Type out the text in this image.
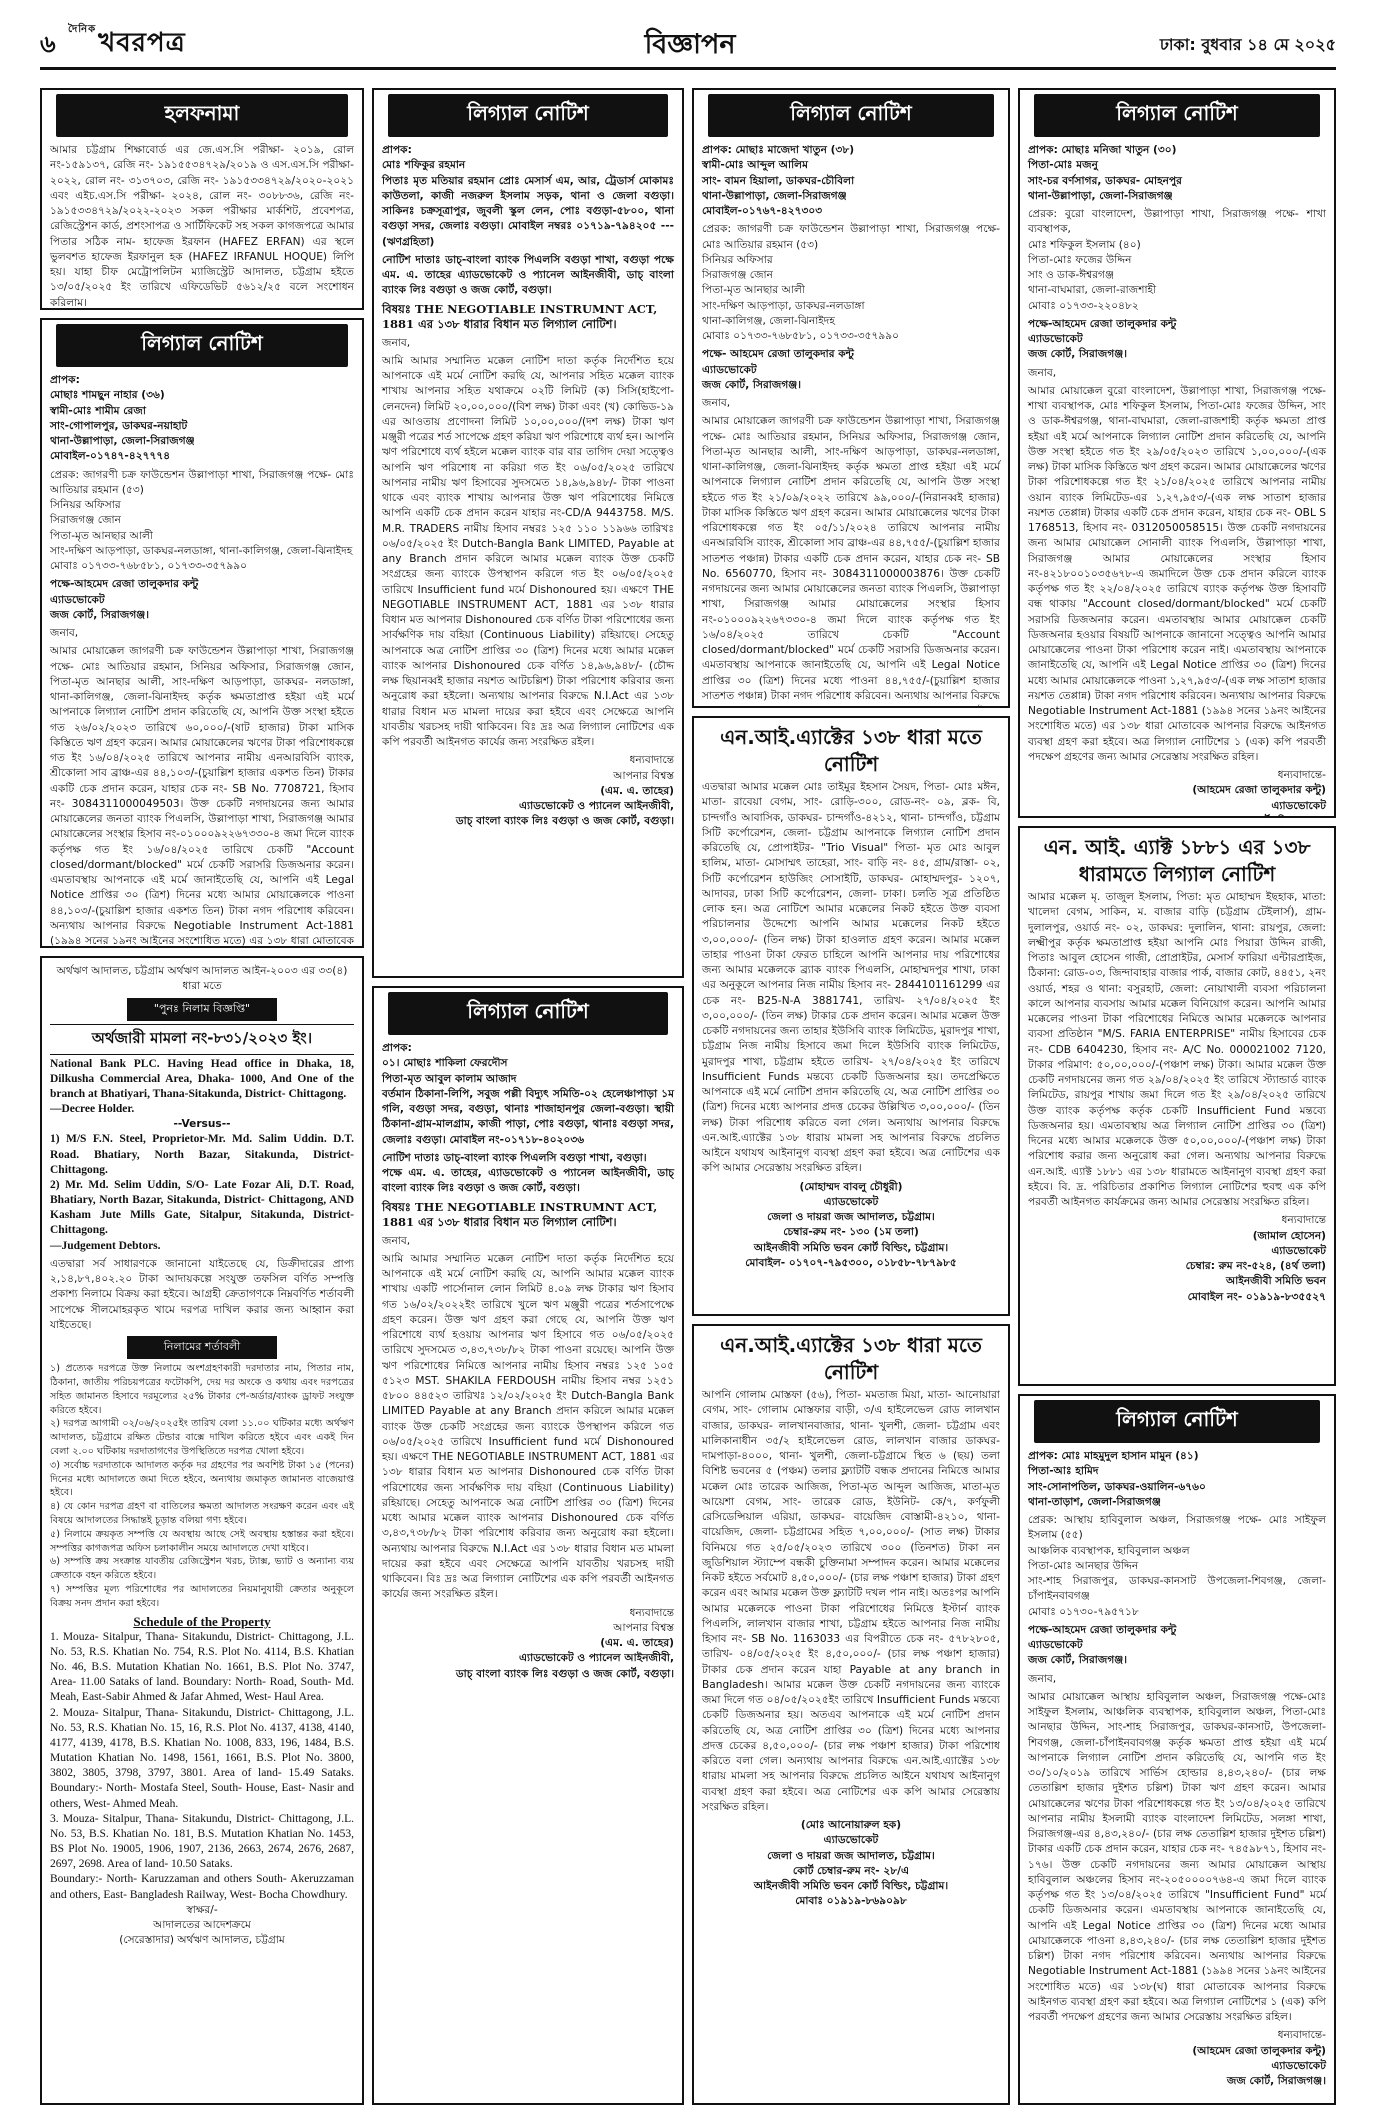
৬
$^{দৈনিক}$খবরপত্র	বিজ্ঞাপন	ঢাকা: বুধবার ১৪ মে ২০২৫
হলফনামা
আমার চট্টগ্রাম শিক্ষাবোর্ড এর জে.এস.সি পরীক্ষা- ২০১৯, রোল নং-১৫৯১৩৭, রেজি নং- ১৯১৫৫৩৪৭২৯/২০১৯ ও এস.এস.সি পরীক্ষা- ২০২২, রোল নং- ৩১৩৭০৩, রেজি নং- ১৯১৫৩৩৪৭২৯/২০২০-২০২১ এবং এইচ.এস.সি পরীক্ষা- ২০২৪, রোল নং- ৩০৮৮৩৬, রেজি নং- ১৯১৫৩৩৪৭২৯/২০২২-২০২৩ সকল পরীক্ষার মার্কশিট, প্রবেশপত্র, রেজিস্ট্রেশন কার্ড, প্রশংসাপত্র ও সার্টিফিকেট সহ সকল কাগজপত্রে আমার পিতার সঠিক নাম- হাফেজ ইরফান (HAFEZ ERFAN) এর স্থলে ভুলবশত হাফেজ ইরফানুল হক (HAFEZ IRFANUL HOQUE) লিপি হয়। যাহা চীফ মেট্রোপলিটন ম্যাজিস্ট্রেট আদালত, চট্টগ্রাম হইতে ১৩/০৫/২০২৫ ইং তারিখে এফিডেভিট ৫৬১২/২৫ বলে সংশোধন করিলাম।
লিগ্যাল নোটিশ
প্রাপক:
মোছাঃ শামছুন নাহার (৩৬)
স্বামী-মোঃ শামীম রেজা
সাং-গোপালপুর, ডাকঘর-নয়াহাট
থানা-উল্লাপাড়া, জেলা-সিরাজগঞ্জ
মোবাইল-০১৭৪৭-৪২৭৭৭৪
প্রেরক: জাগরণী চক্র ফাউন্ডেশন উল্লাপাড়া শাখা, সিরাজগঞ্জ পক্ষে- মোঃ আতিয়ার রহমান (৫৩)
সিনিয়র অফিসার
সিরাজগঞ্জ জোন
পিতা-মৃত আনছার আলী
সাং-দক্ষিণ আড়পাড়া, ডাকঘর-নলডাঙ্গা, থানা-কালিগঞ্জ, জেলা-ঝিনাইদহ
মোবাঃ ০১৭৩৩-৭৬৮৫৮১, ০১৭৩৩-৩৫৭৯৯০
পক্ষে-আহমেদ রেজা তালুকদার কন্টু
এ্যাডভোকেট
জজ কোর্ট, সিরাজগঞ্জ।
জনাব,
আমার মোয়াক্কেল জাগরণী চক্র ফাউন্ডেশন উল্লাপাড়া শাখা, সিরাজগঞ্জ পক্ষে- মোঃ আতিয়ার রহমান, সিনিয়র অফিসার, সিরাজগঞ্জ জোন, পিতা-মৃত আনছার আলী, সাং-দক্ষিণ আড়পাড়া, ডাকঘর- নলডাঙ্গা, থানা-কালিগঞ্জ, জেলা-ঝিনাইদহ কর্তৃক ক্ষমতাপ্রাপ্ত হইয়া এই মর্মে আপনাকে লিগ্যাল নোটিশ প্রদান করিতেছি যে, আপনি উক্ত সংস্থা হইতে গত ২৬/০২/২০২৩ তারিখে ৬০,০০০/-(ষাট হাজার) টাকা মাসিক কিস্তিতে ঋণ গ্রহণ করেন। আমার মোয়াক্কেলের ঋণের টাকা পরিশোধকল্পে গত ইং ১৬/০৪/২০২৫ তারিখে আপনার নামীয় এনআরবিসি ব্যাংক, শ্রীকোলা সাব ব্রাঞ্চ-এর ৪৪,১০৩/-(চুয়াল্লিশ হাজার একশত তিন) টাকার একটি চেক প্রদান করেন, যাহার চেক নং- SB No. 7708721, হিসাব নং- 3084311000049503। উক্ত চেকটি নগদায়নের জন্য আমার মোয়াক্কেলের জনতা ব্যাংক পিএলসি, উল্লাপাড়া শাখা, সিরাজগঞ্জ আমার মোয়াক্কেলের সংস্থার হিসাব নং-০১০০০৯২২৬৭৩৩০-৪ জমা দিলে ব্যাংক কর্তৃপক্ষ গত ইং ১৬/০৪/২০২৫ তারিখে চেকটি "Account closed/dormant/blocked" মর্মে চেকটি সরাসরি ডিজঅনার করেন। এমতাবস্থায় আপনাকে এই মর্মে জানাইতেছি যে, আপনি এই Legal Notice প্রাপ্তির ৩০ (ত্রিশ) দিনের মধ্যে আমার মোয়াক্কেলকে পাওনা ৪৪,১০৩/-(চুয়াল্লিশ হাজার একশত তিন) টাকা নগদ পরিশোধ করিবেন। অন্যথায় আপনার বিরুদ্ধে Negotiable Instrument Act-1881 (১৯৯৪ সনের ১৯নং আইনের সংশোধিত মতে) এর ১৩৮ ধারা মোতাবেক
অর্থঋণ আদালত, চট্টগ্রাম অর্থঋণ আদালত আইন-২০০৩ এর ৩৩(৪) ধারা মতে
"পুনঃ নিলাম বিজ্ঞপ্তি"
অর্থজারী মামলা নং-৮৩১/২০২৩ ইং।
National Bank PLC. Having Head office in Dhaka, 18, Dilkusha Commercial Area, Dhaka- 1000, And One of the branch at Bhatiyari, Thana-Sitakunda, District- Chittagong.
—Decree Holder.
--Versus--
1) M/S F.N. Steel, Proprietor-Mr. Md. Salim Uddin. D.T. Road. Bhatiary, North Bazar, Sitakunda, District- Chittagong.
2) Mr. Md. Selim Uddin, S/O- Late Fozar Ali, D.T. Road, Bhatiary, North Bazar, Sitakunda, District- Chittagong, AND Kasham Jute Mills Gate, Sitalpur, Sitakunda, District- Chittagong.
—Judgement Debtors.
এতদ্বারা সর্ব সাধারণকে জানানো যাইতেছে যে, ডিক্রীদারের প্রাপ্য ২,১৪,৮৭,৪০২.২০ টাকা আদায়কল্পে সংযুক্ত তফসিল বর্ণিত সম্পত্তি প্রকাশ্য নিলামে বিক্রয় করা হইবে। আগ্রহী ক্রেতাগণকে নিম্নবর্ণিত শর্তাবলী সাপেক্ষে সীলমোহরকৃত খামে দরপত্র দাখিল করার জন্য আহ্বান করা যাইতেছে।
নিলামের শর্তাবলী
১) প্রত্যেক দরপত্রে উক্ত নিলামে অংশগ্রহণকারী দরদাতার নাম, পিতার নাম, ঠিকানা, জাতীয় পরিচয়পত্রের ফটোকপি, দেয় দর অংকে ও কথায় এবং দরপত্রের সহিত জামানত হিসাবে দরমূল্যের ২৫% টাকার পে-অর্ডার/ব্যাংক ড্রাফট সংযুক্ত করিতে হইবে।
২) দরপত্র আগামী ০২/০৬/২০২৫ইং তারিখ বেলা ১১.০০ ঘটিকার মধ্যে অর্থঋণ আদালত, চট্টগ্রামে রক্ষিত টেন্ডার বাক্সে দাখিল করিতে হইবে এবং একই দিন বেলা ২.০০ ঘটিকায় দরদাতাগণের উপস্থিতিতে দরপত্র খোলা হইবে।
৩) সর্বোচ্চ দরদাতাকে আদালত কর্তৃক দর গ্রহণের পর অবশিষ্ট টাকা ১৫ (পনের) দিনের মধ্যে আদালতে জমা দিতে হইবে, অন্যথায় জমাকৃত জামানত বাজেয়াপ্ত হইবে।
৪) যে কোন দরপত্র গ্রহণ বা বাতিলের ক্ষমতা আদালত সংরক্ষণ করেন এবং এই বিষয়ে আদালতের সিদ্ধান্তই চূড়ান্ত বলিয়া গণ্য হইবে।
৫) নিলামে ক্রয়কৃত সম্পত্তি যে অবস্থায় আছে সেই অবস্থায় হস্তান্তর করা হইবে। সম্পত্তির কাগজপত্র অফিস চলাকালীন সময়ে আদালতে দেখা যাইবে।
৬) সম্পত্তি ক্রয় সংক্রান্ত যাবতীয় রেজিস্ট্রেশন খরচ, ট্যাক্স, ভ্যাট ও অন্যান্য ব্যয় ক্রেতাকে বহন করিতে হইবে।
৭) সম্পত্তির মূল্য পরিশোধের পর আদালতের নিয়মানুযায়ী ক্রেতার অনুকূলে বিক্রয় সনদ প্রদান করা হইবে।
Schedule of the Property
1. Mouza- Sitalpur, Thana- Sitakundu, District- Chittagong, J.L. No. 53, R.S. Khatian No. 754, R.S. Plot No. 4114, B.S. Khatian No. 46, B.S. Mutation Khatian No. 1661, B.S. Plot No. 3747, Area- 11.00 Sataks of land. Boundary: North- Road, South- Md. Meah, East-Sabir Ahmed & Jafar Ahmed, West- Haul Area.
2. Mouza- Sitalpur, Thana- Sitakundu, District- Chittagong, J.L. No. 53, R.S. Khatian No. 15, 16, R.S. Plot No. 4137, 4138, 4140, 4177, 4139, 4178, B.S. Khatian No. 1008, 833, 196, 1484, B.S. Mutation Khatian No. 1498, 1561, 1661, B.S. Plot No. 3800, 3802, 3805, 3798, 3797, 3801. Area of land- 15.49 Sataks. Boundary:- North- Mostafa Steel, South- House, East- Nasir and others, West- Ahmed Meah.
3. Mouza- Sitalpur, Thana- Sitakundu, District- Chittagong, J.L. No. 53, B.S. Khatian No. 181, B.S. Mutation Khatian No. 1453, BS Plot No. 19005, 1906, 1907, 2136, 2663, 2674, 2676, 2687, 2697, 2698. Area of land- 10.50 Sataks.
Boundary:- North- Karuzzaman and others South- Akeruzzaman and others, East- Bangladesh Railway, West- Bocha Chowdhury.
স্বাক্ষর/-
আদালতের আদেশক্রমে
(সেরেস্তাদার) অর্থঋণ আদালত, চট্টগ্রাম
লিগ্যাল নোটিশ
প্রাপক:
মোঃ শফিকুর রহমান
পিতাঃ মৃত মতিয়ার রহমান প্রোঃ মেসার্স এম, আর, ট্রেডার্স মোকামঃ কাউতলা, কাজী নজরুল ইসলাম সড়ক, থানা ও জেলা বগুড়া। সাকিনঃ চক্রসূত্রাপুর, জুবলী স্কুল লেন, পোঃ বগুড়া-৫৮০০, থানা বগুড়া সদর, জেলাঃ বগুড়া। মোবাইল নম্বরঃ ০১৭১৯-৭৯৪২০৫ --- (ঋণগ্রহিতা)
নোটিশ দাতাঃ ডাচ্-বাংলা ব্যাংক পিএলসি বগুড়া শাখা, বগুড়া পক্ষে এম. এ. তাহের এ্যাডভোকেট ও প্যানেল আইনজীবী, ডাচ্ বাংলা ব্যাংক লিঃ বগুড়া ও জজ কোর্ট, বগুড়া।
বিষয়ঃ THE NEGOTIABLE INSTRUMNT ACT, 1881 এর ১৩৮ ধারার বিধান মত লিগ্যাল নোটিশ।
জনাব,
আমি আমার সম্মানিত মক্কেল নোটিশ দাতা কর্তৃক নির্দেশিত হয়ে আপনাকে এই মর্মে নোটিশ করছি যে, আপনার সহিত মক্কেল ব্যাংক শাখায় আপনার সহিত যথাক্রমে ০২টি লিমিট (ক) সিসি(হাইপো-লেনদেন) লিমিট ২০,০০,০০০/(বিশ লক্ষ) টাকা এবং (খ) কোভিড-১৯ এর আওতায় প্রণোদনা লিমিট ১০,০০,০০০/(দশ লক্ষ) টাকা ঋণ মঞ্জুরী পত্রের শর্ত সাপেক্ষে গ্রহণ করিয়া ঋণ পরিশোধে ব্যর্থ হন। আপনি ঋণ পরিশোধে ব্যর্থ হইলে মক্কেল ব্যাংক বার বার তাগিদ দেয়া সত্ত্বেও আপনি ঋণ পরিশোধ না করিয়া গত ইং ০৬/০৫/২০২৫ তারিখে আপনার নামীয় ঋণ হিসাবের সুদসমেত ১৪,৯৬,৯৪৮/- টাকা পাওনা থাকে এবং ব্যাংক শাখায় আপনার উক্ত ঋণ পরিশোধের নিমিত্তে আপনি একটি চেক প্রদান করেন যাহার নং-CD/A 9443758. M/S. M.R. TRADERS নামীয় হিসাব নম্বরঃ ১২৫ ১১০ ১১৯৬৬ তারিখঃ ০৬/০৫/২০২৫ ইং Dutch-Bangla Bank LIMITED, Payable at any Branch প্রদান করিলে আমার মক্কেল ব্যাংক উক্ত চেকটি সংগ্রহের জন্য ব্যাংকে উপস্থাপন করিলে গত ইং ০৬/০৫/২০২৫ তারিখে Insufficient fund মর্মে Dishonoured হয়। এক্ষণে THE NEGOTIABLE INSTRUMENT ACT, 1881 এর ১৩৮ ধারার বিধান মত আপনার Dishonoured চেক বর্ণিত টাকা পরিশোধের জন্য সার্বক্ষণিক দায় বহিয়া (Continuous Liability) রহিয়াছে। সেহেতু আপনাকে অত্র নোটিশ প্রাপ্তির ৩০ (ত্রিশ) দিনের মধ্যে আমার মক্কেল ব্যাংক আপনার Dishonoured চেক বর্ণিত ১৪,৯৬,৯৪৮/- (চৌদ্দ লক্ষ ছিয়ানব্বই হাজার নয়শত আটচল্লিশ) টাকা পরিশোধ করিবার জন্য অনুরোধ করা হইলো। অন্যথায় আপনার বিরুদ্ধে N.I.Act এর ১৩৮ ধারার বিধান মত মামলা দায়ের করা হইবে এবং সেক্ষেত্রে আপনি যাবতীয় খরচসহ দায়ী থাকিবেন। বিঃ দ্রঃ অত্র লিগ্যাল নোটিশের এক কপি পরবর্তী আইনগত কার্যের জন্য সংরক্ষিত রইল।
ধন্যবাদান্তে
আপনার বিশ্বস্ত
(এম. এ. তাহের)
এ্যাডভোকেট ও প্যানেল আইনজীবী,
ডাচ্ বাংলা ব্যাংক লিঃ বগুড়া ও জজ কোর্ট, বগুড়া।
লিগ্যাল নোটিশ
প্রাপক:
০১। মোছাঃ শাকিলা ফেরদৌস
পিতা-মৃত আবুল কালাম আজাদ
বর্তমান ঠিকানা-লিপি, সবুজ পল্লী বিদ্যুৎ সমিতি-০২ হেলেঞ্চাপাড়া ১ম গলি, বগুড়া সদর, বগুড়া, থানাঃ শাজাহানপুর জেলা-বগুড়া। স্থায়ী ঠিকানা-গ্রাম-মালগ্রাম, কাজী পাড়া, পোঃ বগুড়া, থানাঃ বগুড়া সদর, জেলাঃ বগুড়া। মোবাইল নং-০১৭১৮-৪০২০৩৬
নোটিশ দাতাঃ ডাচ্-বাংলা ব্যাংক পিএলসি বগুড়া শাখা, বগুড়া।
পক্ষে এম. এ. তাহের, এ্যাডভোকেট ও প্যানেল আইনজীবী, ডাচ্ বাংলা ব্যাংক লিঃ বগুড়া ও জজ কোর্ট, বগুড়া।
বিষয়ঃ THE NEGOTIABLE INSTRUMNT ACT, 1881 এর ১৩৮ ধারার বিধান মত লিগ্যাল নোটিশ।
জনাব,
আমি আমার সম্মানিত মক্কেল নোটিশ দাতা কর্তৃক নির্দেশিত হয়ে আপনাকে এই মর্মে নোটিশ করছি যে, আপনি আমার মক্কেল ব্যাংক শাখায় একটি পার্সোনাল লোন লিমিট ৪.০৯ লক্ষ টাকার ঋণ হিসাব গত ১৬/০২/২০২২ইং তারিখে খুলে ঋণ মঞ্জুরী পত্রের শর্তসাপেক্ষে গ্রহণ করেন। উক্ত ঋণ গ্রহণ করা গেছে যে, আপনি উক্ত ঋণ পরিশোধে ব্যর্থ হওয়ায় আপনার ঋণ হিসাবে গত ০৬/০৫/২০২৫ তারিখে সুদসমেত ৩,৪৩,৭৩৮/৮২ টাকা পাওনা রয়েছে। আপনি উক্ত ঋণ পরিশোধের নিমিত্তে আপনার নামীয় হিসাব নম্বরঃ ১২৫ ১০৫ ৫১২৩ MST. SHAKILA FERDOUSH নামীয় হিসাব নম্বর ১২৫১ ৫৮০০ ৪৪৫২৩ তারিখঃ ১২/০২/২০২৫ ইং Dutch-Bangla Bank LIMITED Payable at any Branch প্রদান করিলে আমার মক্কেল ব্যাংক উক্ত চেকটি সংগ্রহের জন্য ব্যাংকে উপস্থাপন করিলে গত ০৬/০৫/২০২৫ তারিখে Insufficient fund মর্মে Dishonoured হয়। এক্ষণে THE NEGOTIABLE INSTRUMENT ACT, 1881 এর ১৩৮ ধারার বিধান মত আপনার Dishonoured চেক বর্ণিত টাকা পরিশোধের জন্য সার্বক্ষণিক দায় বহিয়া (Continuous Liability) রহিয়াছে। সেহেতু আপনাকে অত্র নোটিশ প্রাপ্তির ৩০ (ত্রিশ) দিনের মধ্যে আমার মক্কেল ব্যাংক আপনার Dishonoured চেক বর্ণিত ৩,৪৩,৭৩৮/৮২ টাকা পরিশোধ করিবার জন্য অনুরোধ করা হইলো। অন্যথায় আপনার বিরুদ্ধে N.I.Act এর ১৩৮ ধারার বিধান মত মামলা দায়ের করা হইবে এবং সেক্ষেত্রে আপনি যাবতীয় খরচসহ দায়ী থাকিবেন। বিঃ দ্রঃ অত্র লিগ্যাল নোটিশের এক কপি পরবর্তী আইনগত কার্যের জন্য সংরক্ষিত রইল।
ধন্যবাদান্তে
আপনার বিশ্বস্ত
(এম. এ. তাহের)
এ্যাডভোকেট ও প্যানেল আইনজীবী,
ডাচ্ বাংলা ব্যাংক লিঃ বগুড়া ও জজ কোর্ট, বগুড়া।
লিগ্যাল নোটিশ
প্রাপক: মোছাঃ মাজেদা খাতুন (৩৮)
স্বামী-মোঃ আব্দুল আলিম
সাং- বামন হিয়ালা, ডাকঘর-চৌবিলা
থানা-উল্লাপাড়া, জেলা-সিরাজগঞ্জ
মোবাইল-০১৭৬৭-৪২৭৩০৩
প্রেরক: জাগরণী চক্র ফাউন্ডেশন উল্লাপাড়া শাখা, সিরাজগঞ্জ পক্ষে- মোঃ আতিয়ার রহমান (৫৩)
সিনিয়র অফিসার
সিরাজগঞ্জ জোন
পিতা-মৃত আনছার আলী
সাং-দক্ষিণ আড়পাড়া, ডাকঘর-নলডাঙ্গা
থানা-কালিগঞ্জ, জেলা-ঝিনাইদহ
মোবাঃ ০১৭৩৩-৭৬৮৫৮১, ০১৭৩৩-৩৫৭৯৯০
পক্ষে- আহমেদ রেজা তালুকদার কন্টু
এ্যাডভোকেট
জজ কোর্ট, সিরাজগঞ্জ।
জনাব,
আমার মোয়াক্কেল জাগরণী চক্র ফাউন্ডেশন উল্লাপাড়া শাখা, সিরাজগঞ্জ পক্ষে- মোঃ আতিয়ার রহমান, সিনিয়র অফিসার, সিরাজগঞ্জ জোন, পিতা-মৃত আনছার আলী, সাং-দক্ষিণ আড়পাড়া, ডাকঘর-নলডাঙ্গা, থানা-কালিগঞ্জ, জেলা-ঝিনাইদহ কর্তৃক ক্ষমতা প্রাপ্ত হইয়া এই মর্মে আপনাকে লিগ্যাল নোটিশ প্রদান করিতেছি যে, আপনি উক্ত সংস্থা হইতে গত ইং ২১/০৯/২০২২ তারিখে ৯৯,০০০/-(নিরানব্বই হাজার) টাকা মাসিক কিস্তিতে ঋণ গ্রহণ করেন। আমার মোয়াক্কেলের ঋণের টাকা পরিশোধকল্পে গত ইং ০৫/১১/২০২৪ তারিখে আপনার নামীয় এনআরবিসি ব্যাংক, শ্রীকোলা সাব ব্রাঞ্চ-এর ৪৪,৭৫৫/-(চুয়াল্লিশ হাজার সাতশত পঞ্চান্ন) টাকার একটি চেক প্রদান করেন, যাহার চেক নং- SB No. 6560770, হিসাব নং- 3084311000003876। উক্ত চেকটি নগদায়নের জন্য আমার মোয়াক্কেলের জনতা ব্যাংক পিএলসি, উল্লাপাড়া শাখা, সিরাজগঞ্জ আমার মোয়াক্কেলের সংস্থার হিসাব নং-০১০০০৯২২৬৭৩৩০-৪ জমা দিলে ব্যাংক কর্তৃপক্ষ গত ইং ১৬/০৪/২০২৫ তারিখে চেকটি "Account closed/dormant/blocked" মর্মে চেকটি সরাসরি ডিজঅনার করেন। এমতাবস্থায় আপনাকে জানাইতেছি যে, আপনি এই Legal Notice প্রাপ্তির ৩০ (ত্রিশ) দিনের মধ্যে পাওনা ৪৪,৭৫৫/-(চুয়াল্লিশ হাজার সাতশত পঞ্চান্ন) টাকা নগদ পরিশোধ করিবেন। অন্যথায় আপনার বিরুদ্ধে
এন.আই.এ্যাক্টের ১৩৮ ধারা মতে নোটিশ
এতদ্বারা আমার মক্কেল মোঃ তাইমুর ইহসান সৈয়দ, পিতা- মোঃ মঈন, মাতা- রাবেয়া বেগম, সাং- রোড়ি-৩০০, রোড-নং- ০৯, ব্লক- বি, চান্দগাঁও আবাসিক, ডাকঘর- চান্দগাঁও-৪২১২, থানা- চান্দগাঁও, চট্টগ্রাম সিটি কর্পোরেশন, জেলা- চট্টগ্রাম আপনাকে লিগ্যাল নোটিশ প্রদান করিতেছি যে, প্রোপাইটর- "Trio Visual" পিতা- মৃত মোঃ আবুল হালিম, মাতা- মোসাম্মৎ তাহেরা, সাং- বাড়ি নং- ৪৫, গ্রাম/রাস্তা- ০২, সিটি কর্পোরেশন হাউজিং সোসাইটি, ডাকঘর- মোহাম্মদপুর- ১২০৭, আদাবর, ঢাকা সিটি কর্পোরেশন, জেলা- ঢাকা। চলতি সূত্র প্রতিষ্ঠিত লোক হন। অত্র নোটিশে আমার মক্কেলের নিকট হইতে উক্ত ব্যবসা পরিচালনার উদ্দেশ্যে আপনি আমার মক্কেলের নিকট হইতে ৩,০০,০০০/- (তিন লক্ষ) টাকা হাওলাত গ্রহণ করেন। আমার মক্কেল তাহার পাওনা টাকা ফেরত চাহিলে আপনি আপনার দায় পরিশোধের জন্য আমার মক্কেলকে ব্র্যাক ব্যাংক পিএলসি, মোহাম্মদপুর শাখা, ঢাকা এর অনুকূলে আপনার নিজ নামীয় হিসাব নং- 2844101161299 এর চেক নং- B25-N-A 3881741, তারিখ- ২৭/০৪/২০২৫ ইং ৩,০০,০০০/- (তিন লক্ষ) টাকার চেক প্রদান করেন। আমার মক্কেল উক্ত চেকটি নগদায়নের জন্য তাহার ইউসিবি ব্যাংক লিমিটেড, মুরাদপুর শাখা, চট্টগ্রাম নিজ নামীয় হিসাবে জমা দিলে ইউসিবি ব্যাংক লিমিটেড, মুরাদপুর শাখা, চট্টগ্রাম হইতে তারিখ- ২৭/০৪/২০২৫ ইং তারিখে Insufficient Funds মন্তব্যে চেকটি ডিজঅনার হয়। তদপ্রেক্ষিতে আপনাকে এই মর্মে নোটিশ প্রদান করিতেছি যে, অত্র নোটিশ প্রাপ্তির ৩০ (ত্রিশ) দিনের মধ্যে আপনার প্রদত্ত চেকের উল্লিখিত ৩,০০,০০০/- (তিন লক্ষ) টাকা পরিশোধ করিতে বলা গেল। অন্যথায় আপনার বিরুদ্ধে এন.আই.এ্যাক্টের ১৩৮ ধারায় মামলা সহ আপনার বিরুদ্ধে প্রচলিত আইনে যথাযথ আইনানুগ ব্যবস্থা গ্রহণ করা হইবে। অত্র নোটিশের এক কপি আমার সেরেস্তায় সংরক্ষিত রহিল।
(মোহাম্মদ বাবলু চৌধুরী)
এ্যাডভোকেট
জেলা ও দায়রা জজ আদালত, চট্টগ্রাম।
চেম্বার-রুম নং- ১৩০ (১ম তলা)
আইনজীবী সমিতি ভবন কোর্ট বিল্ডিং, চট্টগ্রাম।
মোবাইল- ০১৭০৭-৭৯৫৩০০, ০১৮৫৮-৭৮৭৯৮৫
এন.আই.এ্যাক্টের ১৩৮ ধারা মতে নোটিশ
আপনি গোলাম মোস্তফা (৫৬), পিতা- মমতাজ মিয়া, মাতা- আনোয়ারা বেগম, সাং- গোলাম মোস্তফার বাড়ী, ৩/এ হাইলেভেল রোড লালখান বাজার, ডাকঘর- লালখানবাজার, থানা- খুলশী, জেলা- চট্টগ্রাম এবং মালিকানাধীন ৩৫/২ হাইলেভেল রোড, লালখান বাজার ডাকঘর-দামপাড়া-৪০০০, থানা- খুলশী, জেলা-চট্টগ্রামে স্থিত ৬ (ছয়) তলা বিশিষ্ট ভবনের ৫ (পঞ্চম) তলার ফ্ল্যাটটি বন্ধক প্রদানের নিমিত্তে আমার মক্কেল মোঃ তারেক আজিজ, পিতা-মৃত আব্দুল আজিজ, মাতা-মৃত আয়েশা বেগম, সাং- তারেক রোড, ইউনিট- কে/৭, কর্ণফুলী রেসিডেন্সিয়াল এরিয়া, ডাকঘর- বায়েজিদ বোস্তামী-৪২১০, থানা-বায়েজিদ, জেলা- চট্টগ্রামের সহিত ৭,০০,০০০/- (সাত লক্ষ) টাকার বিনিময়ে গত ২৫/০৫/২০২৩ তারিখে ৩০০ (তিনশত) টাকা নন জুডিশিয়াল স্ট্যাম্পে বন্ধকী চুক্তিনামা সম্পাদন করেন। আমার মক্কেলের নিকট হইতে সর্বমোট ৪,৫০,০০০/- (চার লক্ষ পঞ্চাশ হাজার) টাকা গ্রহণ করেন এবং আমার মক্কেল উক্ত ফ্ল্যাটটি দখল পান নাই। অতঃপর আপনি আমার মক্কেলকে পাওনা টাকা পরিশোধের নিমিত্তে ইস্টার্ন ব্যাংক পিএলসি, লালখান বাজার শাখা, চট্টগ্রাম হইতে আপনার নিজ নামীয় হিসাব নং- SB No. 1163033 এর বিপরীতে চেক নং- ৫৭৮২৮০৫, তারিখ- ০৪/০৫/২০২৫ ইং ৪,৫০,০০০/- (চার লক্ষ পঞ্চাশ হাজার) টাকার চেক প্রদান করেন যাহা Payable at any branch in Bangladesh। আমার মক্কেল উক্ত চেকটি নগদায়নের জন্য ব্যাংকে জমা দিলে গত ০৪/০৫/২০২৫ইং তারিখে Insufficient Funds মন্তব্যে চেকটি ডিজঅনার হয়। অতএব আপনাকে এই মর্মে নোটিশ প্রদান করিতেছি যে, অত্র নোটিশ প্রাপ্তির ৩০ (ত্রিশ) দিনের মধ্যে আপনার প্রদত্ত চেকের ৪,৫০,০০০/- (চার লক্ষ পঞ্চাশ হাজার) টাকা পরিশোধ করিতে বলা গেল। অন্যথায় আপনার বিরুদ্ধে এন.আই.এ্যাক্টের ১৩৮ ধারায় মামলা সহ আপনার বিরুদ্ধে প্রচলিত আইনে যথাযথ আইনানুগ ব্যবস্থা গ্রহণ করা হইবে। অত্র নোটিশের এক কপি আমার সেরেস্তায় সংরক্ষিত রহিল।
(মোঃ আনোয়ারুল হক)
এ্যাডভোকেট
জেলা ও দায়রা জজ আদালত, চট্টগ্রাম।
কোর্ট চেম্বার-রুম নং- ২৮/এ
আইনজীবী সমিতি ভবন কোর্ট বিল্ডিং, চট্টগ্রাম।
মোবাঃ ০১৯১৯-৮৬৯০৯৮
লিগ্যাল নোটিশ
প্রাপক: মোছাঃ মনিজা খাতুন (৩০)
পিতা-মোঃ মজনু
সাং-চর বর্ণসাগর, ডাকঘর- মোহনপুর
থানা-উল্লাপাড়া, জেলা-সিরাজগঞ্জ
প্রেরক: বুরো বাংলাদেশ, উল্লাপাড়া শাখা, সিরাজগঞ্জ পক্ষে- শাখা ব্যবস্থাপক,
মোঃ শফিকুল ইসলাম (৪০)
পিতা-মোঃ ফজের উদ্দিন
সাং ও ডাক-ঈশ্বরগঞ্জ
থানা-বাঘমারা, জেলা-রাজশাহী
মোবাঃ ০১৭৩৩-২২০৪৮২
পক্ষে-আহমেদ রেজা তালুকদার কন্টু
এ্যাডভোকেট
জজ কোর্ট, সিরাজগঞ্জ।
জনাব,
আমার মোয়াক্কেল বুরো বাংলাদেশ, উল্লাপাড়া শাখা, সিরাজগঞ্জ পক্ষে- শাখা ব্যবস্থাপক, মোঃ শফিকুল ইসলাম, পিতা-মোঃ ফজের উদ্দিন, সাং ও ডাক-ঈশ্বরগঞ্জ, থানা-বাঘমারা, জেলা-রাজশাহী কর্তৃক ক্ষমতা প্রাপ্ত হইয়া এই মর্মে আপনাকে লিগ্যাল নোটিশ প্রদান করিতেছি যে, আপনি উক্ত সংস্থা হইতে গত ইং ২৯/০৫/২০২৩ তারিখে ১,০০,০০০/-(এক লক্ষ) টাকা মাসিক কিস্তিতে ঋণ গ্রহণ করেন। আমার মোয়াক্কেলের ঋণের টাকা পরিশোধকল্পে গত ইং ২১/০৪/২০২৫ তারিখে আপনার নামীয় ওয়ান ব্যাংক লিমিটেড-এর ১,২৭,৯৫৩/-(এক লক্ষ সাতাশ হাজার নয়শত তেপ্পান্ন) টাকার একটি চেক প্রদান করেন, যাহার চেক নং- OBL S 1768513, হিসাব নং- 0312050058515। উক্ত চেকটি নগদায়নের জন্য আমার মোয়াক্কেল সোনালী ব্যাংক পিএলসি, উল্লাপাড়া শাখা, সিরাজগঞ্জ আমার মোয়াক্কেলের সংস্থার হিসাব নং-৪২১৮০০১০৩৫৬৭৮-এ জমাদিলে উক্ত চেক প্রদান করিলে ব্যাংক কর্তৃপক্ষ গত ইং ২২/০৪/২০২৫ তারিখে ব্যাংক কর্তৃপক্ষ উক্ত হিসাবটি বন্ধ থাকায় "Account closed/dormant/blocked" মর্মে চেকটি সরাসরি ডিজঅনার করেন। এমতাবস্থায় আমার মোয়াক্কেল চেকটি ডিজঅনার হওয়ার বিষয়টি আপনাকে জানানো সত্ত্বেও আপনি আমার মোয়াক্কেলের পাওনা টাকা পরিশোধ করেন নাই। এমতাবস্থায় আপনাকে জানাইতেছি যে, আপনি এই Legal Notice প্রাপ্তির ৩০ (ত্রিশ) দিনের মধ্যে আমার মোয়াক্কেলকে পাওনা ১,২৭,৯৫৩/-(এক লক্ষ সাতাশ হাজার নয়শত তেপ্পান্ন) টাকা নগদ পরিশোধ করিবেন। অন্যথায় আপনার বিরুদ্ধে Negotiable Instrument Act-1881 (১৯৯৪ সনের ১৯নং আইনের সংশোধিত মতে) এর ১৩৮ ধারা মোতাবেক আপনার বিরুদ্ধে আইনগত ব্যবস্থা গ্রহণ করা হইবে। অত্র লিগ্যাল নোটিশের ১ (এক) কপি পরবর্তী পদক্ষেপ গ্রহণের জন্য আমার সেরেস্তায় সংরক্ষিত রহিল।
ধন্যবাদান্তে-
(আহমেদ রেজা তালুকদার কন্টু)
এ্যাডভোকেট

এন. আই. এ্যাক্ট ১৮৮১ এর ১৩৮ ধারামতে লিগ্যাল নোটিশ
আমার মক্কেল মৃ. তাজুল ইসলাম, পিতা: মৃত মোহাম্মদ ইছহাক, মাতা: খালেদা বেগম, সাকিন, ম. বাজার বাড়ি (চট্টগ্রাম টেইলার্স), গ্রাম- দুলালপুর, ওয়ার্ড নং- ০২, ডাকঘর: দুলালিন, থানা: রায়পুর, জেলা: লক্ষ্মীপুর কর্তৃক ক্ষমতাপ্রাপ্ত হইয়া আপনি মোঃ পিয়ারা উদ্দিন রাজী, পিতাঃ আবুল হোসেন গাজী, প্রোপ্রাইটর, মেসার্স ফারিয়া এন্টারপ্রাইজ, ঠিকানা: রোড-০৩, জিন্দাবাহার বাজার পার্ক, বাজার কোট, ৪৪৫১, ২নং ওয়ার্ড, শহর ও থানা: বসুরহাট, জেলা: নোয়াখালী ব্যবসা পরিচালনা কালে আপনার ব্যবসায় আমার মক্কেল বিনিয়োগ করেন। আপনি আমার মক্কেলের পাওনা টাকা পরিশোধের নিমিত্তে আমার মক্কেলকে আপনার ব্যবসা প্রতিষ্ঠান "M/S. FARIA ENTERPRISE" নামীয় হিসাবের চেক নং- CDB 6404230, হিসাব নং- A/C No. 000021002 7120, টাকার পরিমাণ: ৫০,০০,০০০/-(পঞ্চাশ লক্ষ) টাকা। আমার মক্কেল উক্ত চেকটি নগদায়নের জন্য গত ২৯/০৪/২০২৫ ইং তারিখে স্ট্যান্ডার্ড ব্যাংক লিমিটেড, রায়পুর শাখায় জমা দিলে গত ইং ২৯/০৪/২০২৫ তারিখে উক্ত ব্যাংক কর্তৃপক্ষ কর্তৃক চেকটি Insufficient Fund মন্তব্যে ডিজঅনার হয়। এমতাবস্থায় অত্র লিগ্যাল নোটিশ প্রাপ্তির ৩০ (ত্রিশ) দিনের মধ্যে আমার মক্কেলকে উক্ত ৫০,০০,০০০/-(পঞ্চাশ লক্ষ) টাকা পরিশোধ করার জন্য অনুরোধ করা গেল। অন্যথায় আপনার বিরুদ্ধে এন.আই. এ্যাক্ট ১৮৮১ এর ১৩৮ ধারামতে আইনানুগ ব্যবস্থা গ্রহণ করা হইবে। বি. দ্র. পরিচিতার প্রকাশিত লিগ্যাল নোটিশের হুবহু এক কপি পরবর্তী আইনগত কার্যক্রমের জন্য আমার সেরেস্তায় সংরক্ষিত রহিল।
ধন্যবাদান্তে
(জামাল হোসেন)
এ্যাডভোকেট
চেম্বার: রুম নং-৫২৪, (৪র্থ তলা)
আইনজীবী সমিতি ভবন
মোবাইল নং- ০১৯১৯-৮৩৫৫২৭
লিগ্যাল নোটিশ
প্রাপক: মোঃ মাহমুদুল হাসান মামুন (৪১)
পিতা-আঃ হামিদ
সাং-সোনাপতিল, ডাকঘর-ওয়ালিন-৬৭৬০
থানা-তাড়াশ, জেলা-সিরাজগঞ্জ
প্রেরক: আস্থায় হাবিবুলাল অঞ্চল, সিরাজগঞ্জ পক্ষে- মোঃ সাইফুল ইসলাম (৫৫)
আঞ্চলিক ব্যবস্থাপক, হাবিবুলাল অঞ্চল
পিতা-মোঃ আনছার উদ্দিন
সাং-শাহ সিরাজপুর, ডাকঘর-কানসাট উপজেলা-শিবগঞ্জ, জেলা-চাঁপাইনবাবগঞ্জ
মোবাঃ ০১৭৩০-৭৯৫৭১৮
পক্ষে-আহমেদ রেজা তালুকদার কন্টু
এ্যাডভোকেট
জজ কোর্ট, সিরাজগঞ্জ।
জনাব,
আমার মোয়াক্কেল আস্থায় হাবিবুলাল অঞ্চল, সিরাজগঞ্জ পক্ষে-মোঃ সাইফুল ইসলাম, আঞ্চলিক ব্যবস্থাপক, হাবিবুলাল অঞ্চল, পিতা-মোঃ আনছার উদ্দিন, সাং-শাহ সিরাজপুর, ডাকঘর-কানসাট, উপজেলা-শিবগঞ্জ, জেলা-চাঁপাইনবাবগঞ্জ কর্তৃক ক্ষমতা প্রাপ্ত হইয়া এই মর্মে আপনাকে লিগ্যাল নোটিশ প্রদান করিতেছি যে, আপনি গত ইং ৩০/১০/২০১৯ তারিখে সার্ভিস হোল্ডার ৪,৪৩,২৪০/- (চার লক্ষ তেতাল্লিশ হাজার দুইশত চল্লিশ) টাকা ঋণ গ্রহণ করেন। আমার মোয়াক্কেলের ঋণের টাকা পরিশোধকল্পে গত ইং ১৩/০৪/২০২৫ তারিখে আপনার নামীয় ইসলামী ব্যাংক বাংলাদেশ লিমিটেড, সলঙ্গা শাখা, সিরাজগঞ্জ-এর ৪,৪৩,২৪০/- (চার লক্ষ তেতাল্লিশ হাজার দুইশত চল্লিশ) টাকার একটি চেক প্রদান করেন, যাহার চেক নং- ৭৪৫৯৮৭১, হিসাব নং- ১৭৬। উক্ত চেকটি নগদায়নের জন্য আমার মোয়াক্কেল আস্থায় হাবিবুলাল অঞ্চলের হিসাব নং-২০৫০০০০৭৬৪-এ জমা দিলে ব্যাংক কর্তৃপক্ষ গত ইং ১৩/০৪/২০২৫ তারিখে "Insufficient Fund" মর্মে চেকটি ডিজঅনার করেন। এমতাবস্থায় আপনাকে জানাইতেছি যে, আপনি এই Legal Notice প্রাপ্তির ৩০ (ত্রিশ) দিনের মধ্যে আমার মোয়াক্কেলকে পাওনা ৪,৪৩,২৪০/- (চার লক্ষ তেতাল্লিশ হাজার দুইশত চল্লিশ) টাকা নগদ পরিশোধ করিবেন। অন্যথায় আপনার বিরুদ্ধে Negotiable Instrument Act-1881 (১৯৯৪ সনের ১৯নং আইনের সংশোধিত মতে) এর ১৩৮(ঘ) ধারা মোতাবেক আপনার বিরুদ্ধে আইনগত ব্যবস্থা গ্রহণ করা হইবে। অত্র লিগ্যাল নোটিশের ১ (এক) কপি পরবর্তী পদক্ষেপ গ্রহণের জন্য আমার সেরেস্তায় সংরক্ষিত রহিল।
ধন্যবাদান্তে-
(আহমেদ রেজা তালুকদার কন্টু)
এ্যাডভোকেট
জজ কোর্ট, সিরাজগঞ্জ।
